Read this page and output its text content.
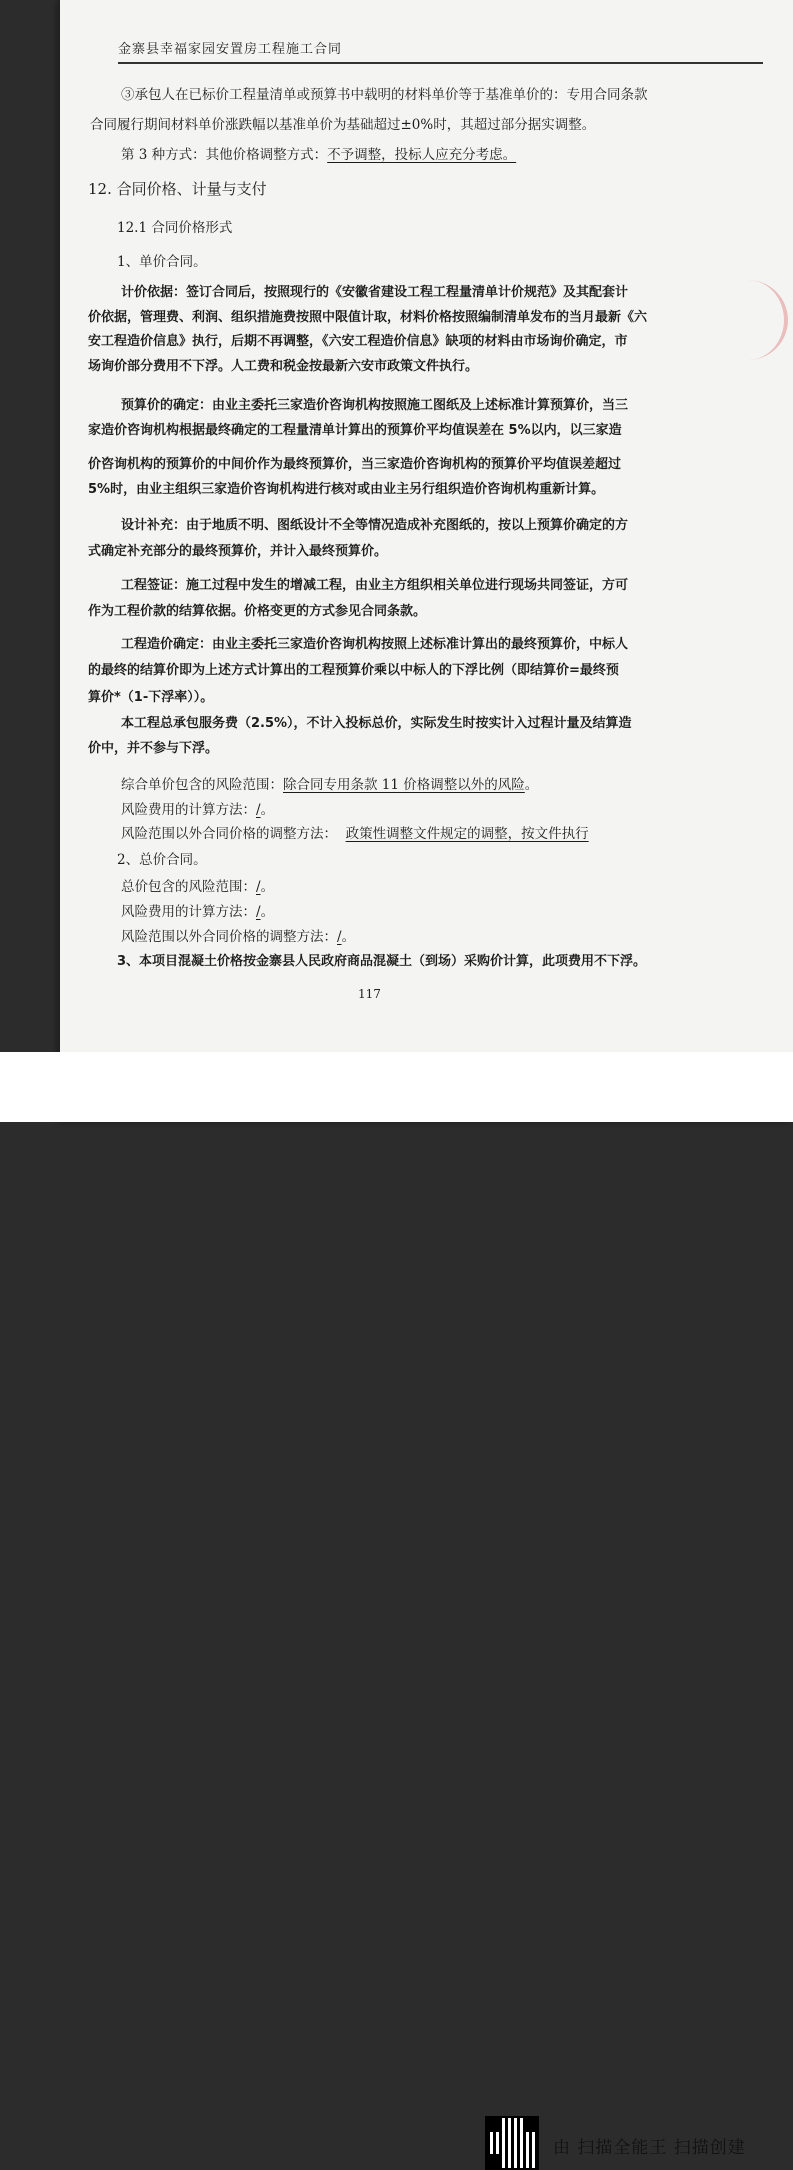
金寨县幸福家园安置房工程施工合同
③承包人在已标价工程量清单或预算书中载明的材料单价等于基准单价的：专用合同条款
合同履行期间材料单价涨跌幅以基准单价为基础超过±0%时，其超过部分据实调整。
第 3 种方式：其他价格调整方式：不予调整，投标人应充分考虑。
12. 合同价格、计量与支付
12.1 合同价格形式
1、单价合同。
计价依据：签订合同后，按照现行的《安徽省建设工程工程量清单计价规范》及其配套计
价依据，管理费、利润、组织措施费按照中限值计取，材料价格按照编制清单发布的当月最新《六
安工程造价信息》执行，后期不再调整，《六安工程造价信息》缺项的材料由市场询价确定，市
场询价部分费用不下浮。人工费和税金按最新六安市政策文件执行。
预算价的确定：由业主委托三家造价咨询机构按照施工图纸及上述标准计算预算价，当三
家造价咨询机构根据最终确定的工程量清单计算出的预算价平均值误差在 5%以内，以三家造
价咨询机构的预算价的中间价作为最终预算价，当三家造价咨询机构的预算价平均值误差超过
5%时，由业主组织三家造价咨询机构进行核对或由业主另行组织造价咨询机构重新计算。
设计补充：由于地质不明、图纸设计不全等情况造成补充图纸的，按以上预算价确定的方
式确定补充部分的最终预算价，并计入最终预算价。
工程签证：施工过程中发生的增减工程，由业主方组织相关单位进行现场共同签证，方可
作为工程价款的结算依据。价格变更的方式参见合同条款。
工程造价确定：由业主委托三家造价咨询机构按照上述标准计算出的最终预算价，中标人
的最终的结算价即为上述方式计算出的工程预算价乘以中标人的下浮比例（即结算价=最终预
算价*（1-下浮率））。
本工程总承包服务费（2.5%），不计入投标总价，实际发生时按实计入过程计量及结算造
价中，并不参与下浮。
综合单价包含的风险范围：除合同专用条款 11 价格调整以外的风险。
风险费用的计算方法：/。
风险范围以外合同价格的调整方法： 政策性调整文件规定的调整，按文件执行
2、总价合同。
总价包含的风险范围：/。
风险费用的计算方法：/。
风险范围以外合同价格的调整方法：/。
3、本项目混凝土价格按金寨县人民政府商品混凝土（到场）采购价计算，此项费用不下浮。
117
由 扫描全能王 扫描创建
